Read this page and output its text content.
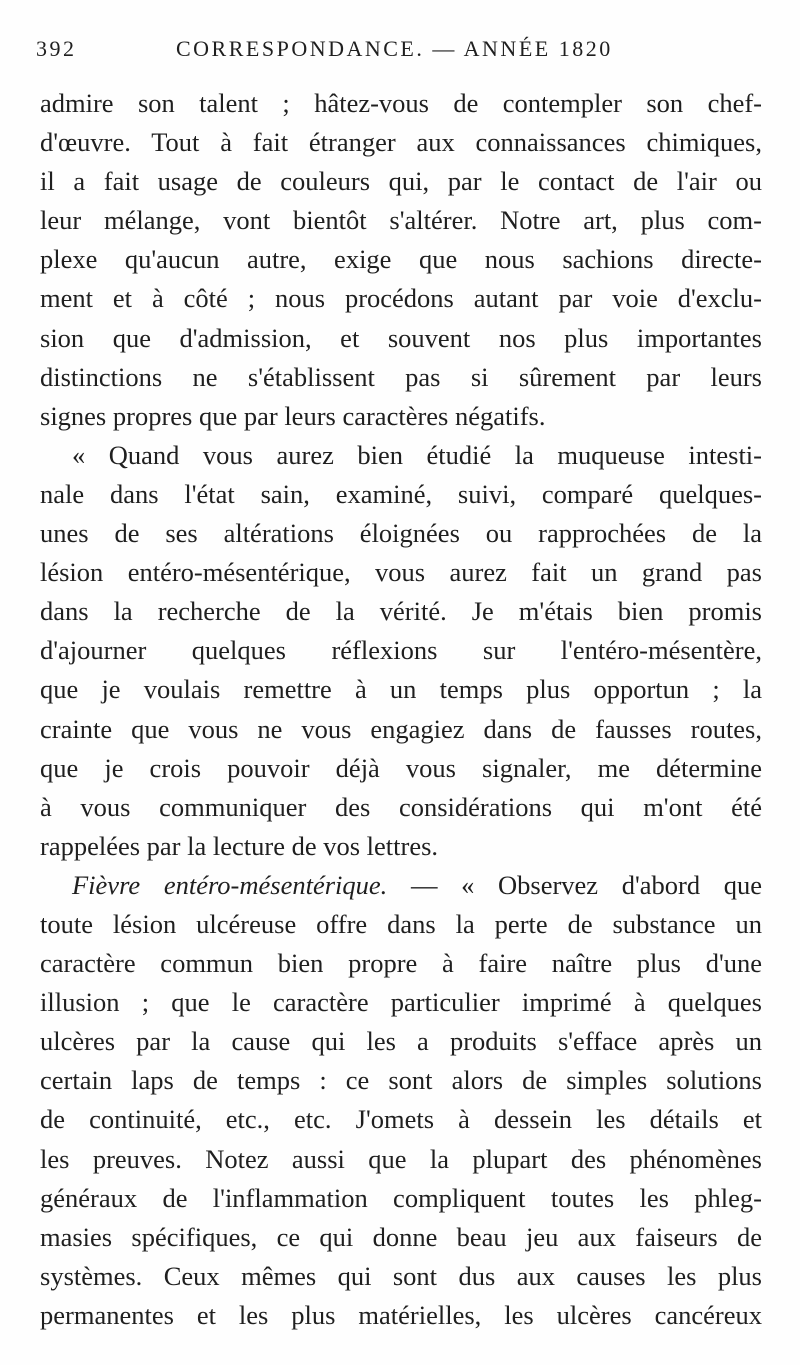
392	CORRESPONDANCE. — ANNÉE 1820
admire son talent ; hâtez-vous de contempler son chef-
d'œuvre. Tout à fait étranger aux connaissances chimiques,
il a fait usage de couleurs qui, par le contact de l'air ou
leur mélange, vont bientôt s'altérer. Notre art, plus com-
plexe qu'aucun autre, exige que nous sachions directe-
ment et à côté ; nous procédons autant par voie d'exclu-
sion que d'admission, et souvent nos plus importantes
distinctions ne s'établissent pas si sûrement par leurs
signes propres que par leurs caractères négatifs.
« Quand vous aurez bien étudié la muqueuse intesti-
nale dans l'état sain, examiné, suivi, comparé quelques-
unes de ses altérations éloignées ou rapprochées de la
lésion entéro-mésentérique, vous aurez fait un grand pas
dans la recherche de la vérité. Je m'étais bien promis
d'ajourner quelques réflexions sur l'entéro-mésentère,
que je voulais remettre à un temps plus opportun ; la
crainte que vous ne vous engagiez dans de fausses routes,
que je crois pouvoir déjà vous signaler, me détermine
à vous communiquer des considérations qui m'ont été
rappelées par la lecture de vos lettres.
Fièvre entéro-mésentérique. — « Observez d'abord que
toute lésion ulcéreuse offre dans la perte de substance un
caractère commun bien propre à faire naître plus d'une
illusion ; que le caractère particulier imprimé à quelques
ulcères par la cause qui les a produits s'efface après un
certain laps de temps : ce sont alors de simples solutions
de continuité, etc., etc. J'omets à dessein les détails et
les preuves. Notez aussi que la plupart des phénomènes
généraux de l'inflammation compliquent toutes les phleg-
masies spécifiques, ce qui donne beau jeu aux faiseurs de
systèmes. Ceux mêmes qui sont dus aux causes les plus
permanentes et les plus matérielles, les ulcères cancéreux
